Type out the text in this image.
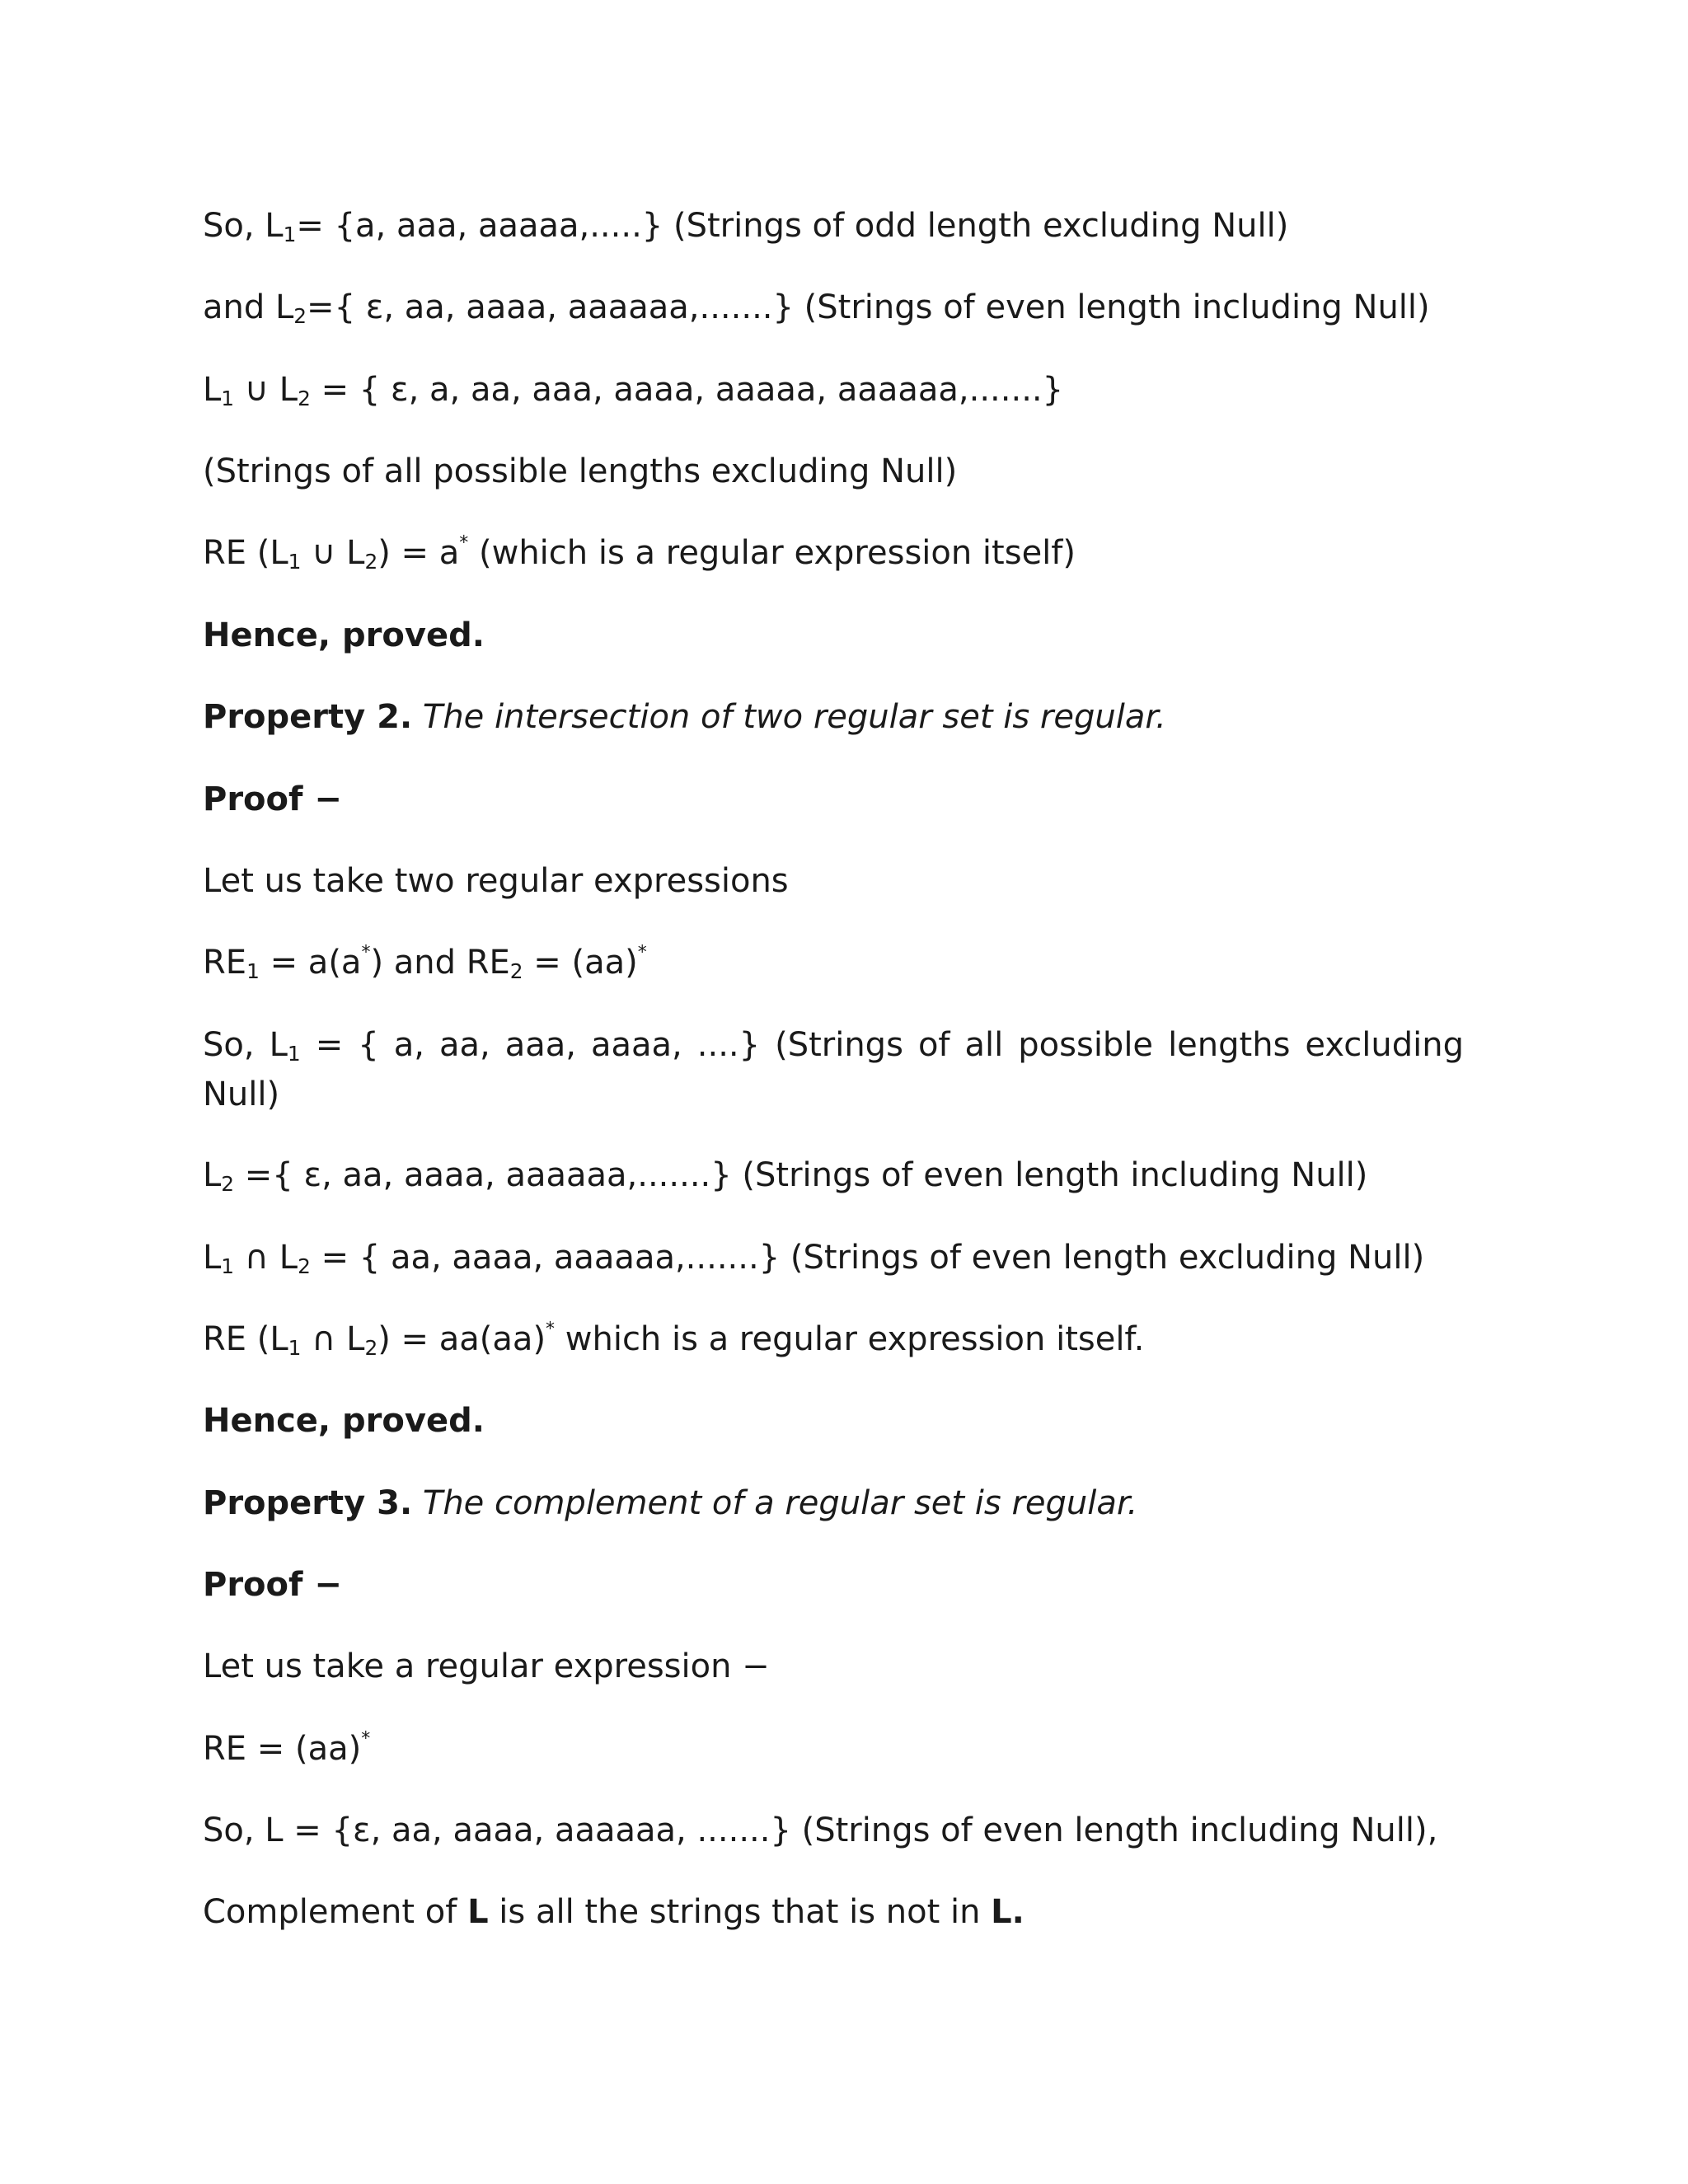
So, $L_1= \{a$, aaa, aaaaa,.....} (Strings of odd length excluding Null)
and $L_2=${ ε, aa, aaaa, aaaaaa,.......} (Strings of even length including Null)
$L_1$ ∪ $L_2$ = { ε, a, aa, aaa, aaaa, aaaaa, aaaaaa,.......}
(Strings of all possible lengths excluding Null)
RE ($L_1$ ∪ $L_2) = a^*$ (which is a regular expression itself)
Hence, proved.
Property 2. The intersection of two regular set is regular.
Proof −
Let us take two regular expressions
$RE_1 = a(a^*)$ and $RE_2 = (aa)^*$
So, $L_1$ = { a, aa, aaa, aaaa, ....} (Strings of all possible lengths excluding Null)
$L_2$ ={ ε, aa, aaaa, aaaaaa,.......} (Strings of even length including Null)
$L_1$ ∩ $L_2$ = { aa, aaaa, aaaaaa,.......} (Strings of even length excluding Null)
RE ($L_1$ ∩ $L_2) = aa(aa)^*$ which is a regular expression itself.
Hence, proved.
Property 3. The complement of a regular set is regular.
Proof −
Let us take a regular expression −
RE = (aa)*
So, L = {ε, aa, aaaa, aaaaaa, .......} (Strings of even length including Null),
Complement of L is all the strings that is not in L.
